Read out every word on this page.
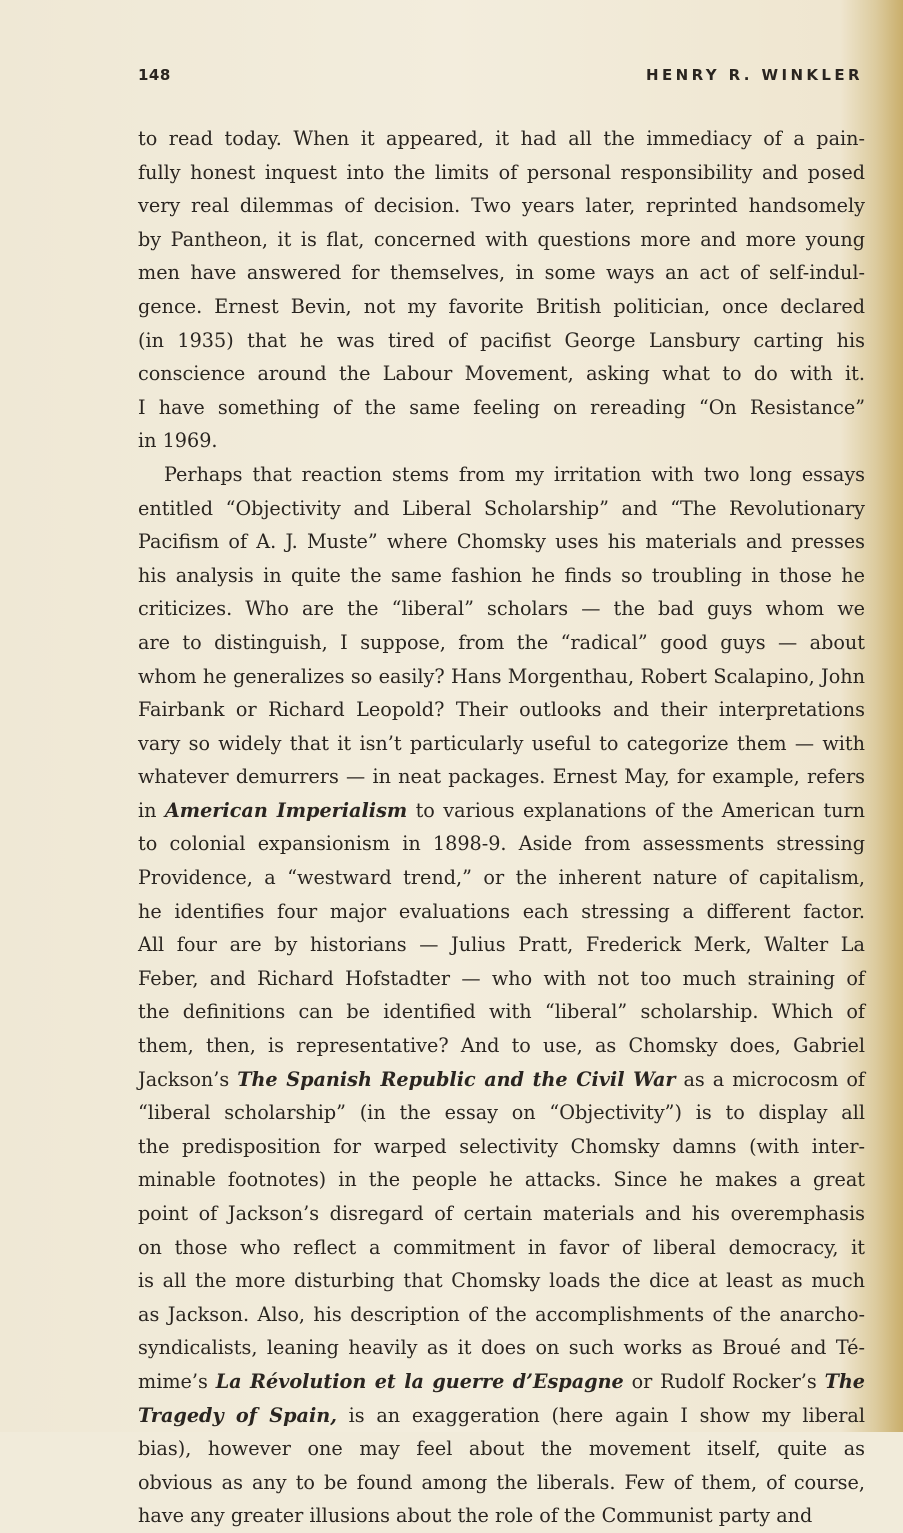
148	HENRY R. WINKLER
to read today. When it appeared, it had all the immediacy of a pain-
fully honest inquest into the limits of personal responsibility and posed
very real dilemmas of decision. Two years later, reprinted handsomely
by Pantheon, it is flat, concerned with questions more and more young
men have answered for themselves, in some ways an act of self-indul-
gence. Ernest Bevin, not my favorite British politician, once declared
(in 1935) that he was tired of pacifist George Lansbury carting his
conscience around the Labour Movement, asking what to do with it.
I have something of the same feeling on rereading “On Resistance”
in 1969.
Perhaps that reaction stems from my irritation with two long essays
entitled “Objectivity and Liberal Scholarship” and “The Revolutionary
Pacifism of A. J. Muste” where Chomsky uses his materials and presses
his analysis in quite the same fashion he finds so troubling in those he
criticizes. Who are the “liberal” scholars — the bad guys whom we
are to distinguish, I suppose, from the “radical” good guys — about
whom he generalizes so easily? Hans Morgenthau, Robert Scalapino, John
Fairbank or Richard Leopold? Their outlooks and their interpretations
vary so widely that it isn’t particularly useful to categorize them — with
whatever demurrers — in neat packages. Ernest May, for example, refers
in American Imperialism to various explanations of the American turn
to colonial expansionism in 1898-9. Aside from assessments stressing
Providence, a “westward trend,” or the inherent nature of capitalism,
he identifies four major evaluations each stressing a different factor.
All four are by historians — Julius Pratt, Frederick Merk, Walter La
Feber, and Richard Hofstadter — who with not too much straining of
the definitions can be identified with “liberal” scholarship. Which of
them, then, is representative? And to use, as Chomsky does, Gabriel
Jackson’s The Spanish Republic and the Civil War as a microcosm of
“liberal scholarship” (in the essay on “Objectivity”) is to display all
the predisposition for warped selectivity Chomsky damns (with inter-
minable footnotes) in the people he attacks. Since he makes a great
point of Jackson’s disregard of certain materials and his overemphasis
on those who reflect a commitment in favor of liberal democracy, it
is all the more disturbing that Chomsky loads the dice at least as much
as Jackson. Also, his description of the accomplishments of the anarcho-
syndicalists, leaning heavily as it does on such works as Broué and Té-
mime’s La Révolution et la guerre d’Espagne or Rudolf Rocker’s The
Tragedy of Spain, is an exaggeration (here again I show my liberal
bias), however one may feel about the movement itself, quite as
obvious as any to be found among the liberals. Few of them, of course,
have any greater illusions about the role of the Communist party and
